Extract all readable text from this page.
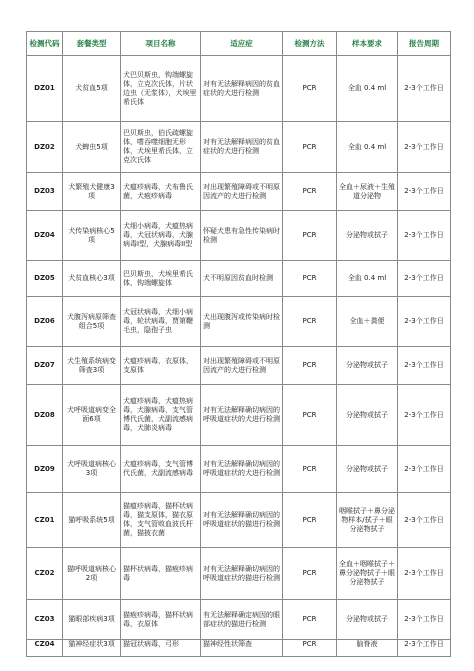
检测代码	套餐类型	项目名称	适应症	检测方法	样本要求	报告周期
DZ01	犬贫血5项	犬巴贝斯虫，钩端螺旋体，立克次氏体，片状边虫（无浆体），犬埃里希氏体	对有无法解释病因的贫血症状的犬进行检测	PCR	全血 0.4 ml	2-3个工作日
DZ02	犬蜱虫5项	巴贝斯虫，伯氏疏螺旋体，嗜吞噬细胞无形体，犬埃里希氏体，立克次氏体	对有无法解释病因的贫血症状的犬进行检测	PCR	全血 0.4 ml	2-3个工作日
DZ03	犬繁殖犬健康3项	犬瘟疹病毒，犬布鲁氏菌，犬疱疹病毒	对出现繁殖障碍或不明原因流产的犬进行检测	PCR	全血＋尿液＋生殖道分泌物	2-3个工作日
DZ04	犬传染病核心5项	犬细小病毒，犬瘟热病毒，犬冠状病毒，犬腺病毒I型，犬腺病毒II型	怀疑犬患有急性传染病时检测	PCR	分泌物或拭子	2-3个工作日
DZ05	犬贫血核心3项	巴贝斯虫，犬埃里希氏体，钩端螺旋体	犬不明原因贫血时检测	PCR	全血 0.4 ml	2-3个工作日
DZ06	犬腹泻病原筛查组合5项	犬冠状病毒，犬细小病毒，轮状病毒，贾第鞭毛虫，隐孢子虫	犬出现腹泻或传染病时检测	PCR	全血＋粪便	2-3个工作日
DZ07	犬生殖系统病变筛查3项	犬瘟疹病毒，衣原体，支原体	对出现繁殖障碍或不明原因流产的犬进行检测	PCR	分泌物或拭子	2-3个工作日
DZ08	犬呼吸道病变全面6项	犬瘟疹病毒，犬瘟热病毒，犬腺病毒，支气管博代氏菌，犬副流感病毒，犬肺炎病毒	对有无法解释确切病因的呼吸道症状的犬进行检测	PCR	分泌物或拭子	2-3个工作日
DZ09	犬呼吸道病核心3项	犬瘟疹病毒，支气管博代氏菌，犬副流感病毒	对有无法解释确切病因的呼吸道症状的犬进行检测	PCR	分泌物或拭子	2-3个工作日
CZ01	猫呼吸系统5项	猫瘟疹病毒，猫杯状病毒，猫支原体，猫衣原体，支气管败血波氏杆菌，猫披衣菌	对有无法解释确切病因的呼吸道症状的猫进行检测	PCR	咽喉拭子＋鼻分泌物样本/拭子＋眼分泌物拭子	2-3个工作日
CZ02	猫呼吸道病核心2项	猫杯状病毒，猫疱疹病毒	对有无法解释确切病因的呼吸道症状的猫进行检测	PCR	全血＋咽喉拭子＋鼻分泌物拭子＋眼分泌物拭子	2-3个工作日
CZ03	猫眼部疾病3项	猫疱疹病毒，猫杯状病毒，衣原体	有无法解释确定病因的眼部症状的猫进行检测	PCR	分泌物或拭子	2-3个工作日
CZ04	猫神经症状3项	猫冠状病毒，弓形	猫神经性状筛查	PCR	脑脊液	2-3个工作日
